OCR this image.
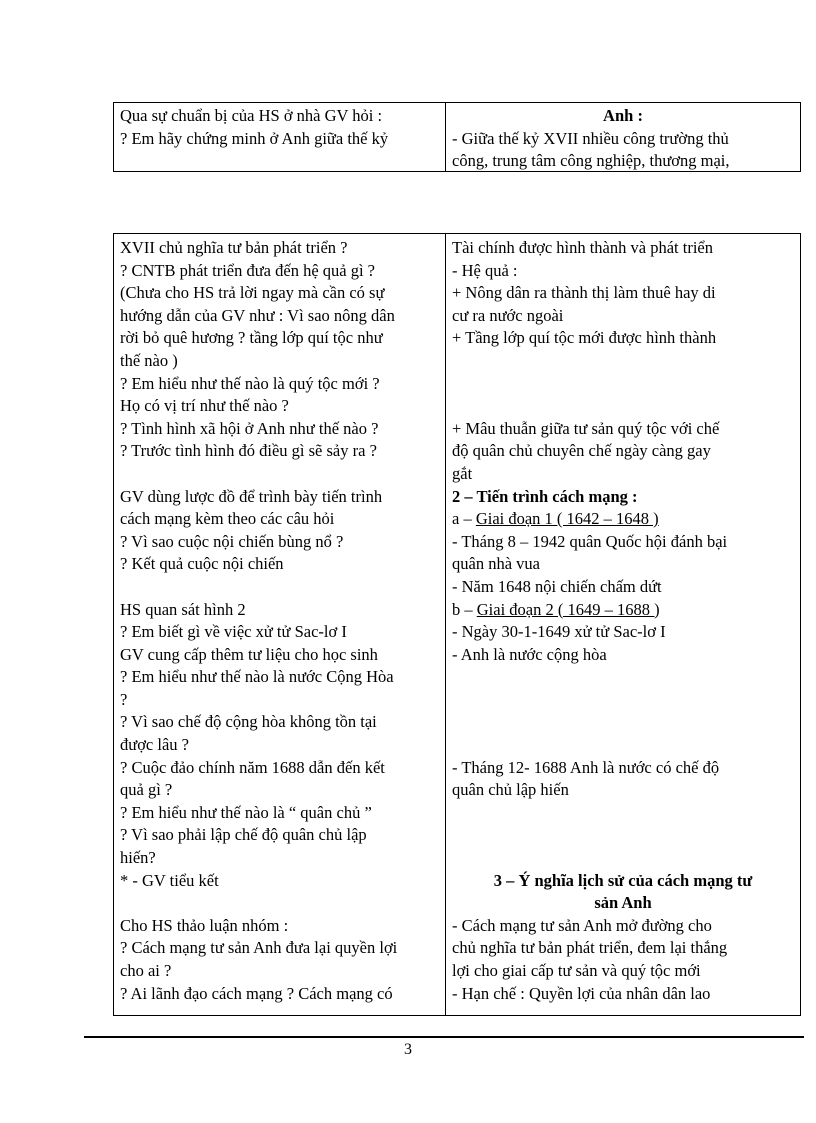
Qua sự chuẩn bị của HS ở nhà GV hỏi :
? Em hãy chứng minh ở Anh giữa thế kỷ
Anh :
- Giữa thế kỷ XVII nhiều công trường thủ
công, trung tâm công nghiệp, thương mại,
XVII chủ nghĩa tư bản phát triển ?
? CNTB phát triển đưa đến hệ quả gì ?
(Chưa cho HS trả lời ngay mà cần có sự
hướng dẫn của GV như : Vì sao nông dân
rời bỏ quê hương ? tầng lớp quí tộc như
thế nào )
? Em hiểu như thế nào là quý tộc mới ?
Họ có vị trí như thế nào ?
? Tình hình xã hội ở Anh như thế nào ?
? Trước tình hình đó điều gì sẽ sảy ra ?
GV dùng lược đồ để trình bày tiến trình
cách mạng kèm theo các câu hỏi
? Vì sao cuộc nội chiến bùng nổ ?
? Kết quả cuộc nội chiến
HS quan sát hình 2
? Em biết gì về việc xử tử Sac-lơ I
GV cung cấp thêm tư liệu cho học sinh
? Em hiểu như thế nào là nước Cộng Hòa
?
? Vì sao chế độ cộng hòa không tồn tại
được lâu ?
? Cuộc đảo chính năm 1688 dẫn đến kết
quả gì ?
? Em hiểu như thế nào là “ quân chủ ”
? Vì sao phải lập chế độ quân chủ lập
hiến?
* - GV tiểu kết
Cho HS thảo luận nhóm :
? Cách mạng tư sản Anh đưa lại quyền lợi
cho ai ?
? Ai lãnh đạo cách mạng ? Cách mạng có
Tài chính được hình thành và phát triển
- Hệ quả :
+ Nông dân ra thành thị làm thuê hay di
cư ra nước ngoài
+ Tầng lớp quí tộc mới được hình thành
+ Mâu thuẫn giữa tư sản quý tộc với chế
độ quân chủ chuyên chế ngày càng gay
gắt
2 – Tiến trình cách mạng :
a – Giai đoạn 1 ( 1642 – 1648 )
- Tháng 8 – 1942 quân Quốc hội đánh bại
quân nhà vua
- Năm 1648 nội chiến chấm dứt
b – Giai đoạn 2 ( 1649 – 1688 )
- Ngày 30-1-1649 xử tử Sac-lơ I
- Anh là nước cộng hòa
- Tháng 12- 1688 Anh là nước có chế độ
quân chủ lập hiến
3 – Ý nghĩa lịch sử của cách mạng tư sản Anh
- Cách mạng tư sản Anh mở đường cho
chủ nghĩa tư bản phát triển, đem lại thắng
lợi cho giai cấp tư sản và quý tộc mới
- Hạn chế : Quyền lợi của nhân dân lao
3
